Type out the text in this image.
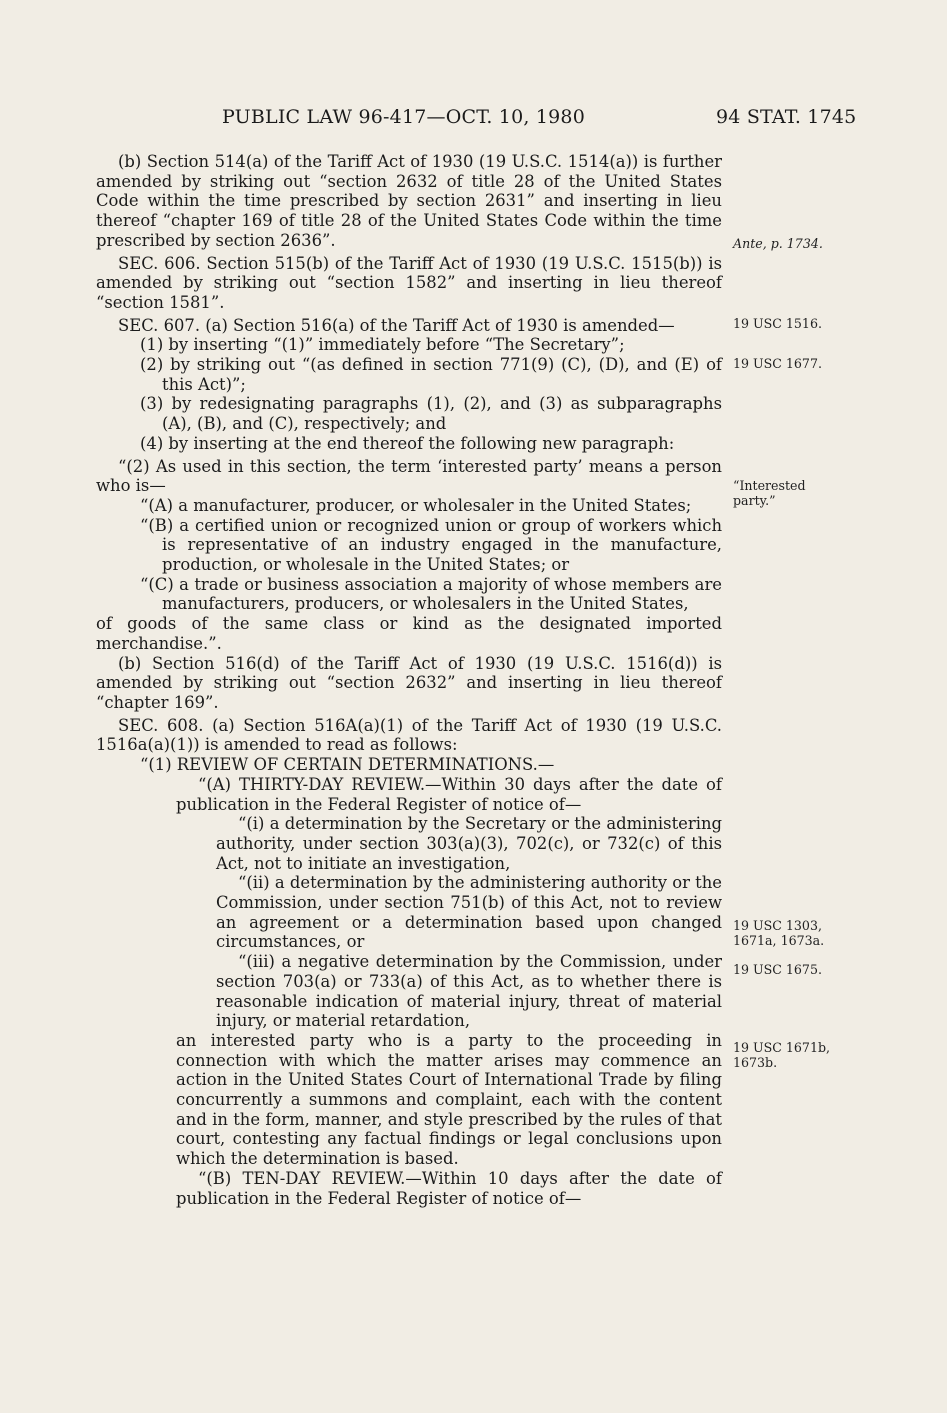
PUBLIC LAW 96-417—OCT. 10, 1980	94 STAT. 1745

(b) Section 514(a) of the Tariff Act of 1930 (19 U.S.C. 1514(a)) is further amended by striking out “section 2632 of title 28 of the United States Code within the time prescribed by section 2631” and inserting in lieu thereof “chapter 169 of title 28 of the United States Code within the time prescribed by section 2636”.

SEC. 606. Section 515(b) of the Tariff Act of 1930 (19 U.S.C. 1515(b)) is amended by striking out “section 1582” and inserting in lieu thereof “section 1581”.

SEC. 607. (a) Section 516(a) of the Tariff Act of 1930 is amended—

(1) by inserting “(1)” immediately before “The Secretary”;

(2) by striking out “(as defined in section 771(9) (C), (D), and (E) of this Act)”;

(3) by redesignating paragraphs (1), (2), and (3) as subparagraphs (A), (B), and (C), respectively; and

(4) by inserting at the end thereof the following new paragraph:

“(2) As used in this section, the term ‘interested party’ means a person who is—

“(A) a manufacturer, producer, or wholesaler in the United States;

“(B) a certified union or recognized union or group of workers which is representative of an industry engaged in the manufacture, production, or wholesale in the United States; or

“(C) a trade or business association a majority of whose members are manufacturers, producers, or wholesalers in the United States,

of goods of the same class or kind as the designated imported merchandise.”.

(b) Section 516(d) of the Tariff Act of 1930 (19 U.S.C. 1516(d)) is amended by striking out “section 2632” and inserting in lieu thereof “chapter 169”.

SEC. 608. (a) Section 516A(a)(1) of the Tariff Act of 1930 (19 U.S.C. 1516a(a)(1)) is amended to read as follows:

“(1) REVIEW OF CERTAIN DETERMINATIONS.—

“(A) THIRTY-DAY REVIEW.—Within 30 days after the date of publication in the Federal Register of notice of—

“(i) a determination by the Secretary or the administering authority, under section 303(a)(3), 702(c), or 732(c) of this Act, not to initiate an investigation,

“(ii) a determination by the administering authority or the Commission, under section 751(b) of this Act, not to review an agreement or a determination based upon changed circumstances, or

“(iii) a negative determination by the Commission, under section 703(a) or 733(a) of this Act, as to whether there is reasonable indication of material injury, threat of material injury, or material retardation,

an interested party who is a party to the proceeding in connection with which the matter arises may commence an action in the United States Court of International Trade by filing concurrently a summons and complaint, each with the content and in the form, manner, and style prescribed by the rules of that court, contesting any factual findings or legal conclusions upon which the determination is based.

“(B) TEN-DAY REVIEW.—Within 10 days after the date of publication in the Federal Register of notice of—

Ante, p. 1734.
19 USC 1516.
19 USC 1677.
“Interested party.”
19 USC 1303, 1671a, 1673a.
19 USC 1675.
19 USC 1671b, 1673b.
